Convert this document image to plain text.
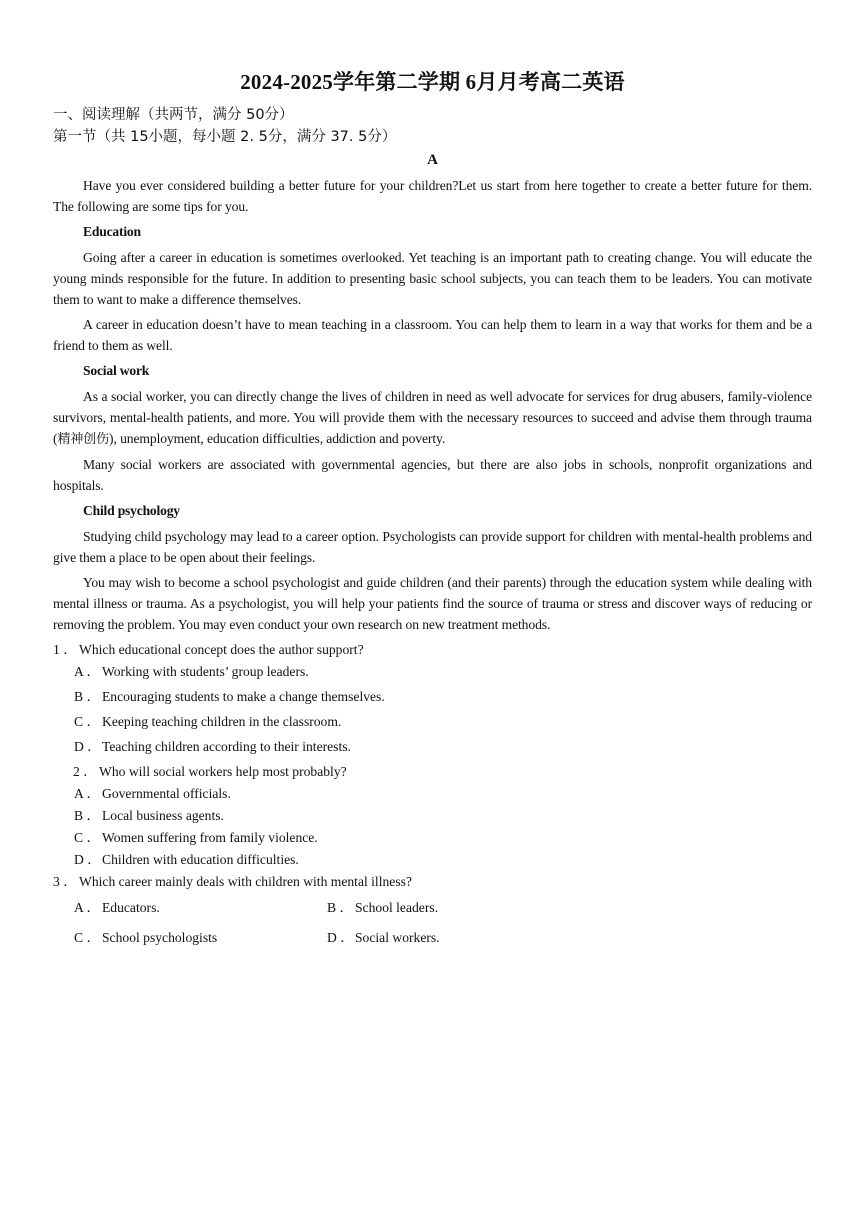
2024-2025学年第二学期 6月月考高二英语
一、阅读理解（共两节，满分 50分）
第一节（共 15小题，每小题 2. 5分，满分 37. 5分）
A

Have you ever considered building a better future for your children?Let us start from here together to create a better future for them. The following are some tips for you.

Education

Going after a career in education is sometimes overlooked. Yet teaching is an important path to creating change. You will educate the young minds responsible for the future. In addition to presenting basic school subjects, you can teach them to be leaders. You can motivate them to want to make a difference themselves.

A career in education doesn’t have to mean teaching in a classroom. You can help them to learn in a way that works for them and be a friend to them as well.

Social work

As a social worker, you can directly change the lives of children in need as well advocate for services for drug abusers, family-violence survivors, mental-health patients, and more. You will provide them with the necessary resources to succeed and advise them through trauma (精神创伤), unemployment, education difficulties, addiction and poverty.

Many social workers are associated with governmental agencies, but there are also jobs in schools, nonprofit organizations and hospitals.

Child psychology

Studying child psychology may lead to a career option. Psychologists can provide support for children with mental-health problems and give them a place to be open about their feelings.

You may wish to become a school psychologist and guide children (and their parents) through the education system while dealing with mental illness or trauma. As a psychologist, you will help your patients find the source of trauma or stress and discover ways of reducing or removing the problem. You may even conduct your own research on new treatment methods.

1 ． Which educational concept does the author support?
A ． Working with students’ group leaders.
B ． Encouraging students to make a change themselves.
C ． Keeping teaching children in the classroom.
D ．Teaching children according to their interests.
2 ． Who will social workers help most probably?
A ． Governmental officials.
B ． Local business agents.
C ． Women suffering from family violence.
D ．Children with education difficulties.
3 ． Which career mainly deals with children with mental illness?
A ． Educators.	B ． School leaders.
C ． School psychologists	D ．Social workers.
